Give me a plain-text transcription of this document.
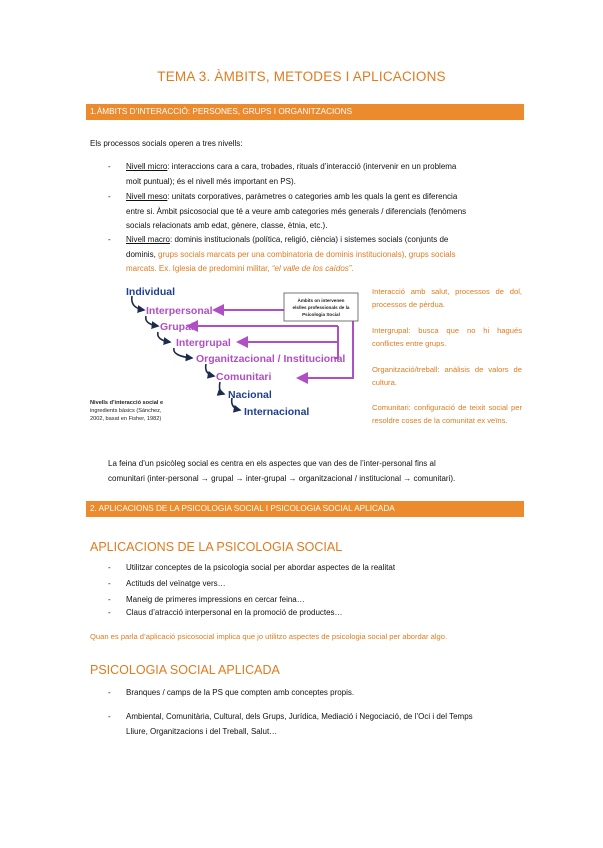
TEMA 3. ÀMBITS, METODES I APLICACIONS
1.ÀMBITS D’INTERACCIÓ: PERSONES, GRUPS I ORGANITZACIONS
Els processos socials operen a tres nivells:
- Nivell micro: interaccions cara a cara, trobades, rituals d’interacció (intervenir en un problema
molt puntual); és el nivell més important en PS).
- Nivell meso: unitats corporatives, paràmetres o categories amb les quals la gent es diferencia
entre si. Àmbit psicosocial que té a veure amb categories més generals / diferencials (fenòmens
socials relacionats amb edat, gènere, classe, ètnia, etc.).
- Nivell macro: dominis institucionals (política, religió, ciència) i sistemes socials (conjunts de
dominis, grups socials marcats per una combinatoria de dominis institucionals), grups socials
marcats. Ex. Iglesia de predomini militar, “el valle de los caídos”.
Àmbits on intervenen
els/les professionals de la
Psicologia Social
Individual
Interpersonal
Grupal
Intergrupal
Organitzacional / Institucional
Comunitari
Nacional
Internacional
Nivells d’interacció social e
ingredients bàsics (Sánchez,
2002, basat en Fisher, 1982)
Interacció amb salut, processos de dol, processos de pèrdua.
Intergrupal: busca que no hi hagués conflictes entre grups.
Organització/treball: anàlisis de valors de cultura.
Comunitari: configuració de teixit social per resoldre coses de la comunitat ex veïns.
La feina d’un psicòleg social es centra en els aspectes que van des de l’inter-personal fins al
comunitari (inter-personal → grupal → inter-grupal → organitzacional / institucional → comunitari).
2. APLICACIONS DE LA PSICOLOGIA SOCIAL I PSICOLOGIA SOCIAL APLICADA
APLICACIONS DE LA PSICOLOGIA SOCIAL
- Utilitzar conceptes de la psicologia social per abordar aspectes de la realitat
- Actituds del veïnatge vers…
- Maneig de primeres impressions en cercar feina…
- Claus d’atracció interpersonal en la promoció de productes…
Quan es parla d’aplicació psicosocial implica que jo utilitzo aspectes de psicologia social per abordar algo.
PSICOLOGIA SOCIAL APLICADA
- Branques / camps de la PS que compten amb conceptes propis.
- Ambiental, Comunitària, Cultural, dels Grups, Jurídica, Mediació i Negociació, de l’Oci i del Temps
Lliure, Organitzacions i del Treball, Salut…
